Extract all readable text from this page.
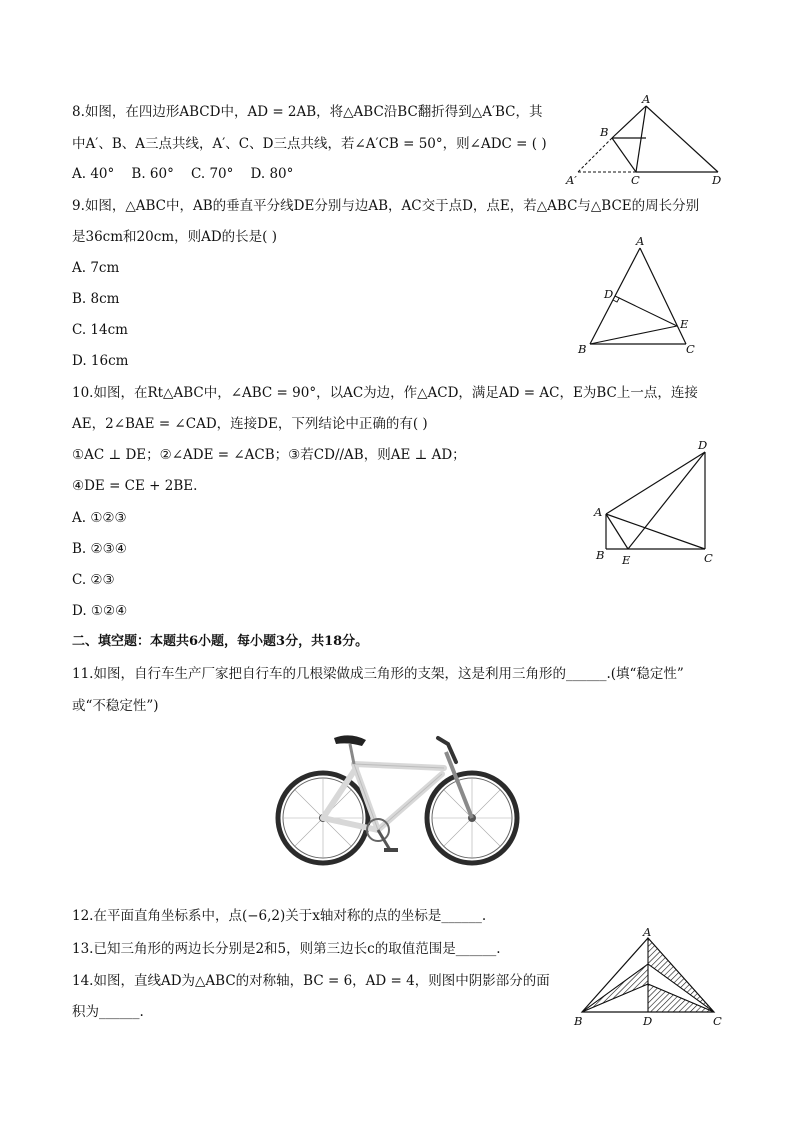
8.如图，在四边形ABCD中，AD = 2AB，将△ABC沿BC翻折得到△A′BC，其
中A′、B、A三点共线，A′、C、D三点共线，若∠A′CB = 50°，则∠ADC = ( )
A. 40°    B. 60°    C. 70°    D. 80°
A
B
A′	C	D
9.如图，△ABC中，AB的垂直平分线DE分别与边AB，AC交于点D，点E，若△ABC与△BCE的周长分别
是36cm和20cm，则AD的长是( )
A. 7cm
B. 8cm
C. 14cm
D. 16cm
A
D
E
B	C
10.如图，在Rt△ABC中，∠ABC = 90°，以AC为边，作△ACD，满足AD = AC，E为BC上一点，连接
AE，2∠BAE = ∠CAD，连接DE，下列结论中正确的有( )
①AC ⊥ DE；②∠ADE = ∠ACB；③若CD//AB，则AE ⊥ AD；
④DE = CE + 2BE.
A. ①②③
B. ②③④
C. ②③
D. ①②④
D
A
B E	C
二、填空题：本题共6小题，每小题3分，共18分。
11.如图，自行车生产厂家把自行车的几根梁做成三角形的支架，这是利用三角形的______.(填“稳定性”
或“不稳定性”)
12.在平面直角坐标系中，点(−6,2)关于x轴对称的点的坐标是______.
13.已知三角形的两边长分别是2和5，则第三边长c的取值范围是______.
14.如图，直线AD为△ABC的对称轴，BC = 6，AD = 4，则图中阴影部分的面
积为______.
A
B	D	C
